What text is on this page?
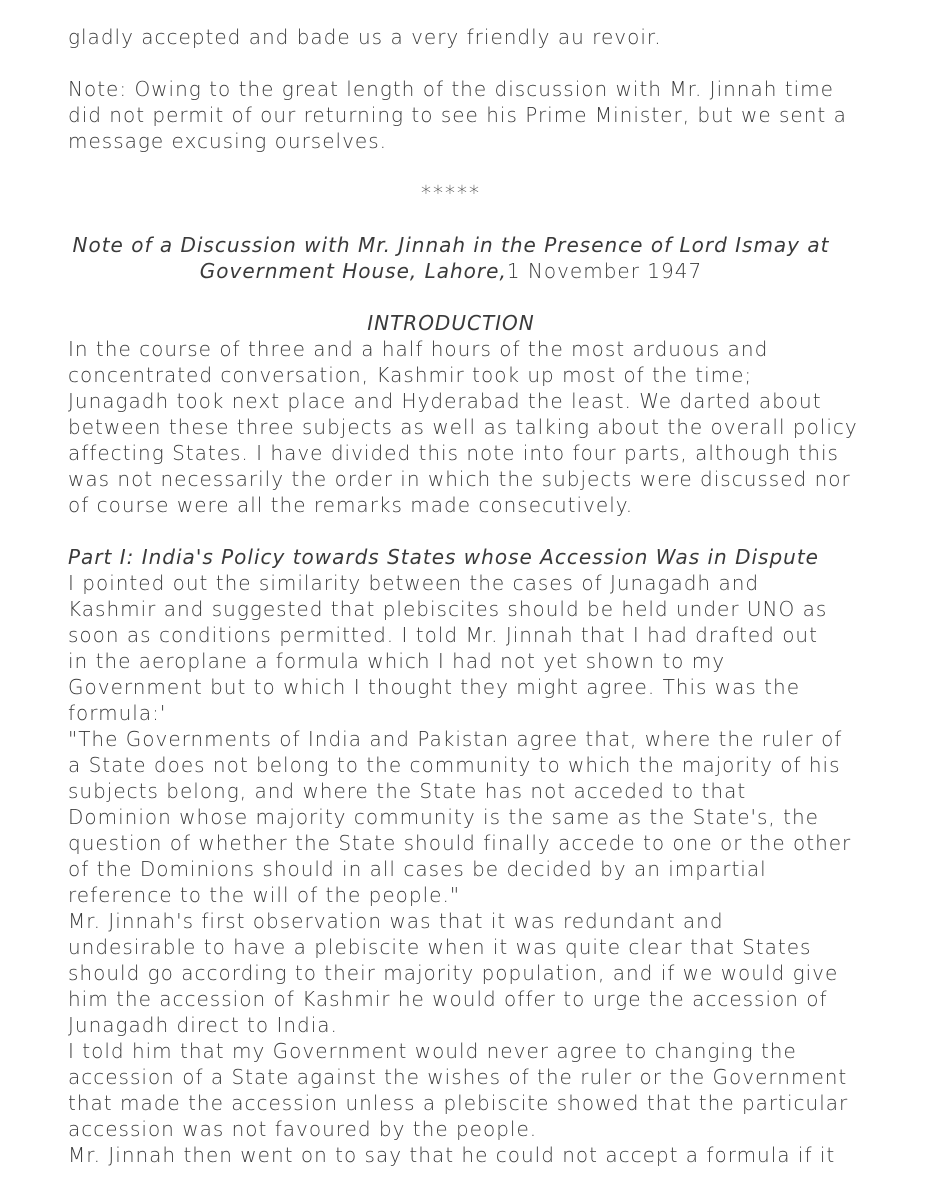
gladly accepted and bade us a very friendly au revoir.

Note: Owing to the great length of the discussion with Mr. Jinnah time
did not permit of our returning to see his Prime Minister, but we sent a
message excusing ourselves.

*****

Note of a Discussion with Mr. Jinnah in the Presence of Lord Ismay at
Government House, Lahore,1 November 1947

INTRODUCTION

In the course of three and a half hours of the most arduous and
concentrated conversation, Kashmir took up most of the time;
Junagadh took next place and Hyderabad the least. We darted about
between these three subjects as well as talking about the overall policy
affecting States. I have divided this note into four parts, although this
was not necessarily the order in which the subjects were discussed nor
of course were all the remarks made consecutively.

Part I: India's Policy towards States whose Accession Was in Dispute

I pointed out the similarity between the cases of Junagadh and
Kashmir and suggested that plebiscites should be held under UNO as
soon as conditions permitted. I told Mr. Jinnah that I had drafted out
in the aeroplane a formula which I had not yet shown to my
Government but to which I thought they might agree. This was the
formula:'

"The Governments of India and Pakistan agree that, where the ruler of
a State does not belong to the community to which the majority of his
subjects belong, and where the State has not acceded to that
Dominion whose majority community is the same as the State's, the
question of whether the State should finally accede to one or the other
of the Dominions should in all cases be decided by an impartial
reference to the will of the people."

Mr. Jinnah's first observation was that it was redundant and
undesirable to have a plebiscite when it was quite clear that States
should go according to their majority population, and if we would give
him the accession of Kashmir he would offer to urge the accession of
Junagadh direct to India.

I told him that my Government would never agree to changing the
accession of a State against the wishes of the ruler or the Government
that made the accession unless a plebiscite showed that the particular
accession was not favoured by the people.

Mr. Jinnah then went on to say that he could not accept a formula if it
